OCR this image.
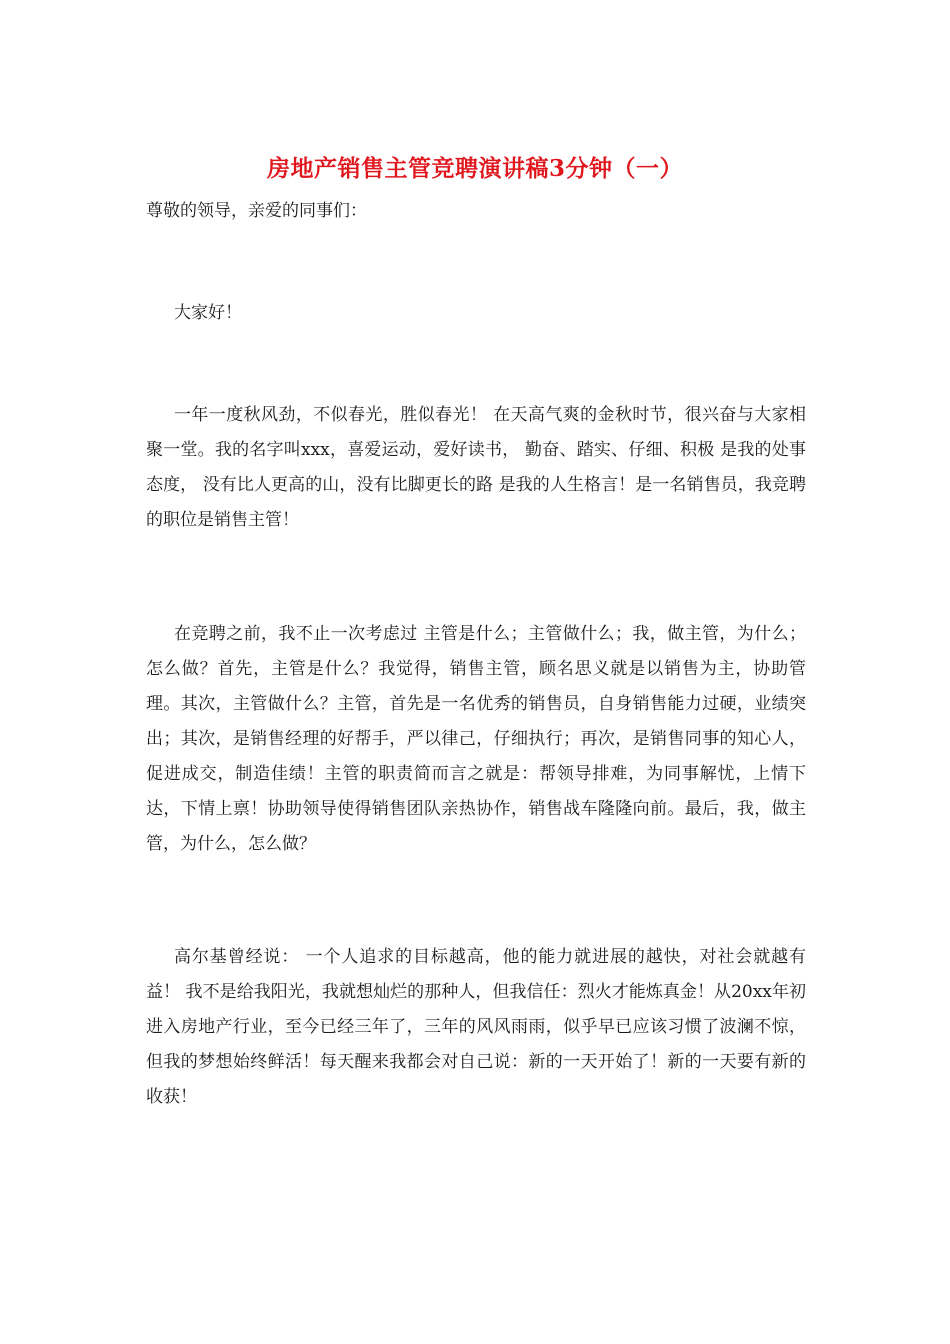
房地产销售主管竞聘演讲稿3分钟（一）
尊敬的领导，亲爱的同事们：

大家好！

一年一度秋风劲，不似春光，胜似春光！ 在天高气爽的金秋时节，很兴奋与大家相聚一堂。我的名字叫xxx，喜爱运动，爱好读书， 勤奋、踏实、仔细、积极 是我的处事态度， 没有比人更高的山，没有比脚更长的路 是我的人生格言！是一名销售员，我竞聘的职位是销售主管！

在竞聘之前，我不止一次考虑过 主管是什么；主管做什么；我，做主管，为什么；怎么做？首先，主管是什么？我觉得，销售主管，顾名思义就是以销售为主，协助管理。其次，主管做什么？主管，首先是一名优秀的销售员，自身销售能力过硬，业绩突出；其次，是销售经理的好帮手，严以律己，仔细执行；再次，是销售同事的知心人，促进成交，制造佳绩！主管的职责简而言之就是：帮领导排难，为同事解忧，上情下达，下情上禀！协助领导使得销售团队亲热协作，销售战车隆隆向前。最后，我，做主管，为什么，怎么做？

高尔基曾经说： 一个人追求的目标越高，他的能力就进展的越快，对社会就越有益！ 我不是给我阳光，我就想灿烂的那种人，但我信任：烈火才能炼真金！从20xx年初进入房地产行业，至今已经三年了，三年的风风雨雨，似乎早已应该习惯了波澜不惊，但我的梦想始终鲜活！每天醒来我都会对自己说：新的一天开始了！新的一天要有新的收获！
